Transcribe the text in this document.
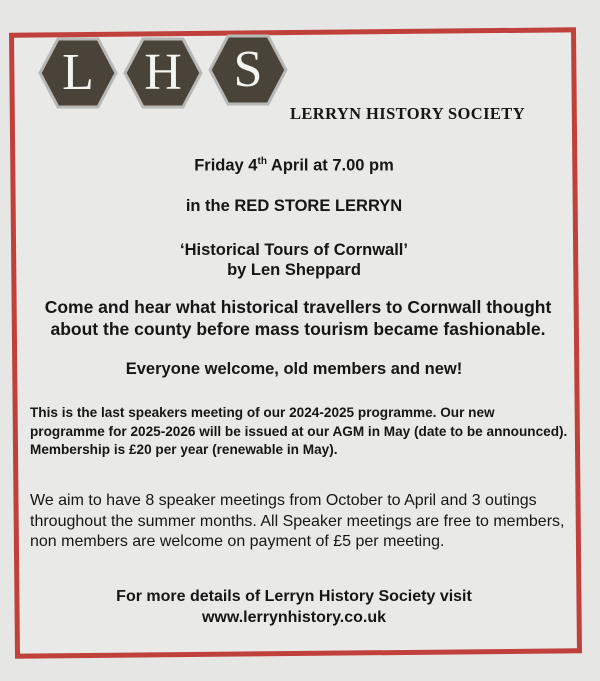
L H S
LERRYN HISTORY SOCIETY
Friday 4th April at 7.00 pm
in the RED STORE LERRYN
‘Historical Tours of Cornwall’
by Len Sheppard
Come and hear what historical travellers to Cornwall thought about the county before mass tourism became fashionable.
Everyone welcome, old members and new!
This is the last speakers meeting of our 2024-2025 programme. Our new programme for 2025-2026 will be issued at our AGM in May (date to be announced). Membership is £20 per year (renewable in May).
We aim to have 8 speaker meetings from October to April and 3 outings throughout the summer months. All Speaker meetings are free to members, non members are welcome on payment of £5 per meeting.
For more details of Lerryn History Society visit
www.lerrynhistory.co.uk
